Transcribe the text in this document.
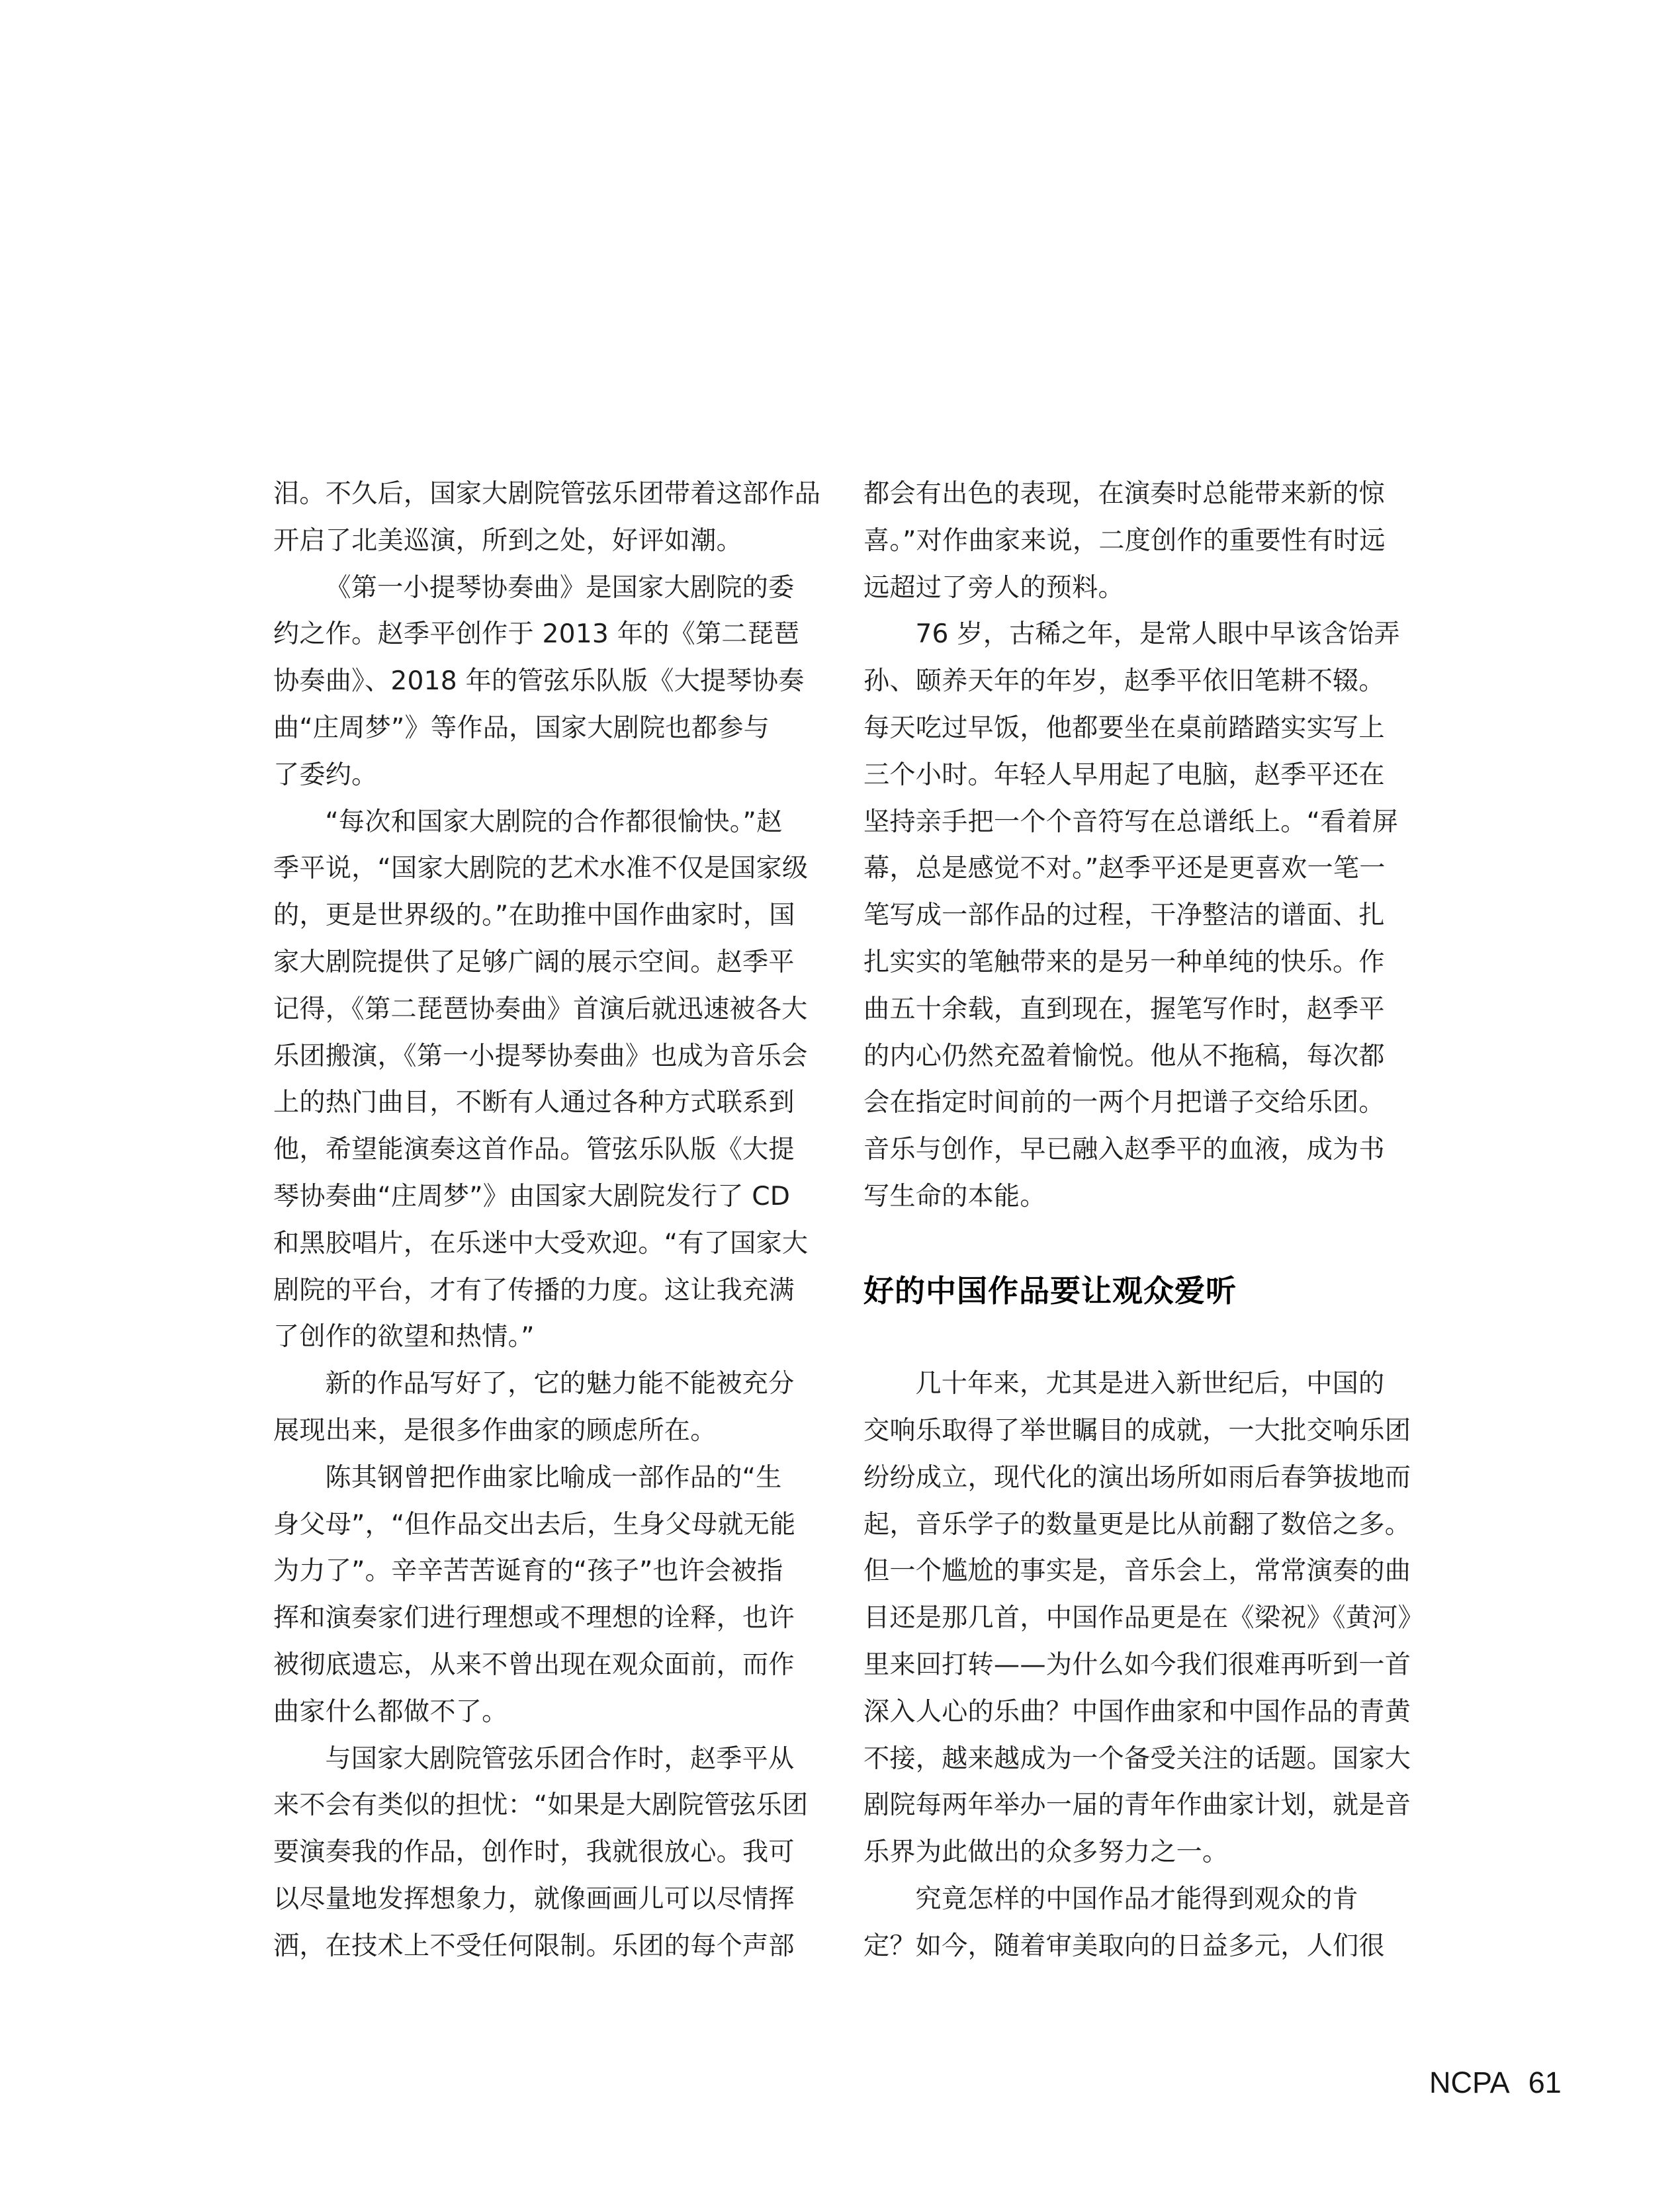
泪。不久后，国家大剧院管弦乐团带着这部作品
开启了北美巡演，所到之处，好评如潮。
《第一小提琴协奏曲》是国家大剧院的委
约之作。赵季平创作于 2013 年的《第二琵琶
协奏曲》、2018 年的管弦乐队版《大提琴协奏
曲“庄周梦”》等作品，国家大剧院也都参与
了委约。
“每次和国家大剧院的合作都很愉快。”赵
季平说，“国家大剧院的艺术水准不仅是国家级
的，更是世界级的。”在助推中国作曲家时，国
家大剧院提供了足够广阔的展示空间。赵季平
记得，《第二琵琶协奏曲》首演后就迅速被各大
乐团搬演，《第一小提琴协奏曲》也成为音乐会
上的热门曲目，不断有人通过各种方式联系到
他，希望能演奏这首作品。管弦乐队版《大提
琴协奏曲“庄周梦”》由国家大剧院发行了 CD
和黑胶唱片，在乐迷中大受欢迎。“有了国家大
剧院的平台，才有了传播的力度。这让我充满
了创作的欲望和热情。”
新的作品写好了，它的魅力能不能被充分
展现出来，是很多作曲家的顾虑所在。
陈其钢曾把作曲家比喻成一部作品的“生
身父母”，“但作品交出去后，生身父母就无能
为力了”。辛辛苦苦诞育的“孩子”也许会被指
挥和演奏家们进行理想或不理想的诠释，也许
被彻底遗忘，从来不曾出现在观众面前，而作
曲家什么都做不了。
与国家大剧院管弦乐团合作时，赵季平从
来不会有类似的担忧：“如果是大剧院管弦乐团
要演奏我的作品，创作时，我就很放心。我可
以尽量地发挥想象力，就像画画儿可以尽情挥
洒，在技术上不受任何限制。乐团的每个声部
都会有出色的表现，在演奏时总能带来新的惊
喜。”对作曲家来说，二度创作的重要性有时远
远超过了旁人的预料。
76 岁，古稀之年，是常人眼中早该含饴弄
孙、颐养天年的年岁，赵季平依旧笔耕不辍。
每天吃过早饭，他都要坐在桌前踏踏实实写上
三个小时。年轻人早用起了电脑，赵季平还在
坚持亲手把一个个音符写在总谱纸上。“看着屏
幕，总是感觉不对。”赵季平还是更喜欢一笔一
笔写成一部作品的过程，干净整洁的谱面、扎
扎实实的笔触带来的是另一种单纯的快乐。作
曲五十余载，直到现在，握笔写作时，赵季平
的内心仍然充盈着愉悦。他从不拖稿，每次都
会在指定时间前的一两个月把谱子交给乐团。
音乐与创作，早已融入赵季平的血液，成为书
写生命的本能。
好的中国作品要让观众爱听
几十年来，尤其是进入新世纪后，中国的
交响乐取得了举世瞩目的成就，一大批交响乐团
纷纷成立，现代化的演出场所如雨后春笋拔地而
起，音乐学子的数量更是比从前翻了数倍之多。
但一个尴尬的事实是，音乐会上，常常演奏的曲
目还是那几首，中国作品更是在《梁祝》《黄河》
里来回打转——为什么如今我们很难再听到一首
深入人心的乐曲？中国作曲家和中国作品的青黄
不接，越来越成为一个备受关注的话题。国家大
剧院每两年举办一届的青年作曲家计划，就是音
乐界为此做出的众多努力之一。
究竟怎样的中国作品才能得到观众的肯
定？如今，随着审美取向的日益多元，人们很
NCPA 61
